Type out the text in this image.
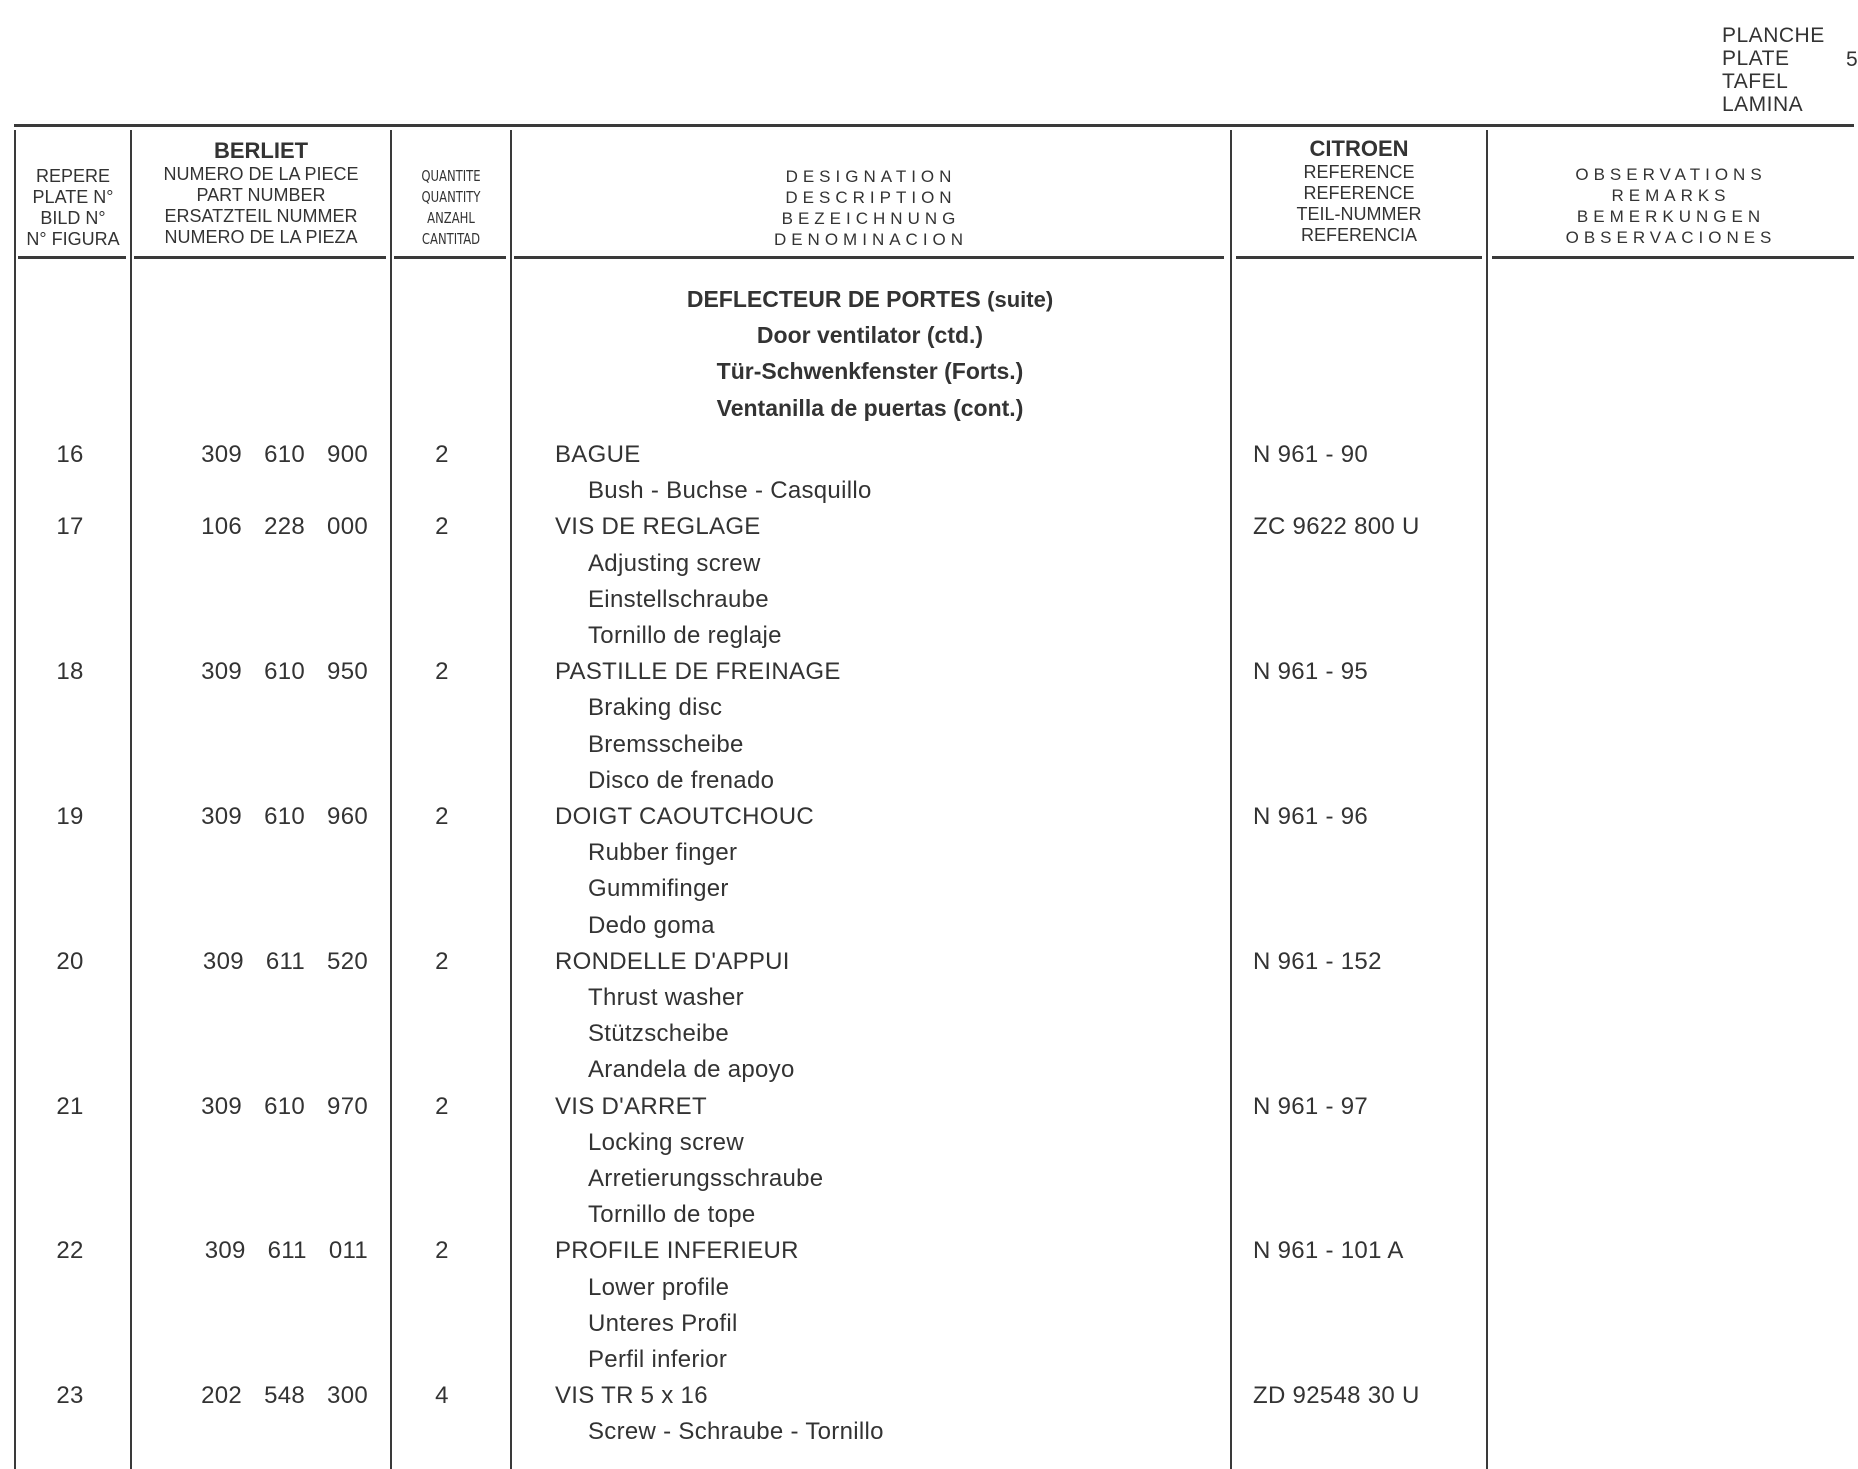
PLANCHE
PLATE
TAFEL
LAMINA
5
REPERE
PLATE N°
BILD N°
N° FIGURA
BERLIET
NUMERO DE LA PIECE
PART NUMBER
ERSATZTEIL NUMMER
NUMERO DE LA PIEZA
QUANTITE
QUANTITY
ANZAHL
CANTITAD
DESIGNATION
DESCRIPTION
BEZEICHNUNG
DENOMINACION
CITROEN
REFERENCE
REFERENCE
TEIL-NUMMER
REFERENCIA
OBSERVATIONS
REMARKS
BEMERKUNGEN
OBSERVACIONES
DEFLECTEUR DE PORTES (suite)
Door ventilator (ctd.)
Tür-Schwenkfenster (Forts.)
Ventanilla de puertas (cont.)
16	309 610 900	2	BAGUE	N 961 - 90
Bush - Buchse - Casquillo
17	106 228 000	2	VIS DE REGLAGE	ZC 9622 800 U
Adjusting screw
Einstellschraube
Tornillo de reglaje
18	309 610 950	2	PASTILLE DE FREINAGE	N 961 - 95
Braking disc
Bremsscheibe
Disco de frenado
19	309 610 960	2	DOIGT CAOUTCHOUC	N 961 - 96
Rubber finger
Gummifinger
Dedo goma
20	309 611 520	2	RONDELLE D'APPUI	N 961 - 152
Thrust washer
Stützscheibe
Arandela de apoyo
21	309 610 970	2	VIS D'ARRET	N 961 - 97
Locking screw
Arretierungsschraube
Tornillo de tope
22	309 611 011	2	PROFILE INFERIEUR	N 961 - 101 A
Lower profile
Unteres Profil
Perfil inferior
23	202 548 300	4	VIS TR 5 x 16	ZD 92548 30 U
Screw - Schraube - Tornillo
